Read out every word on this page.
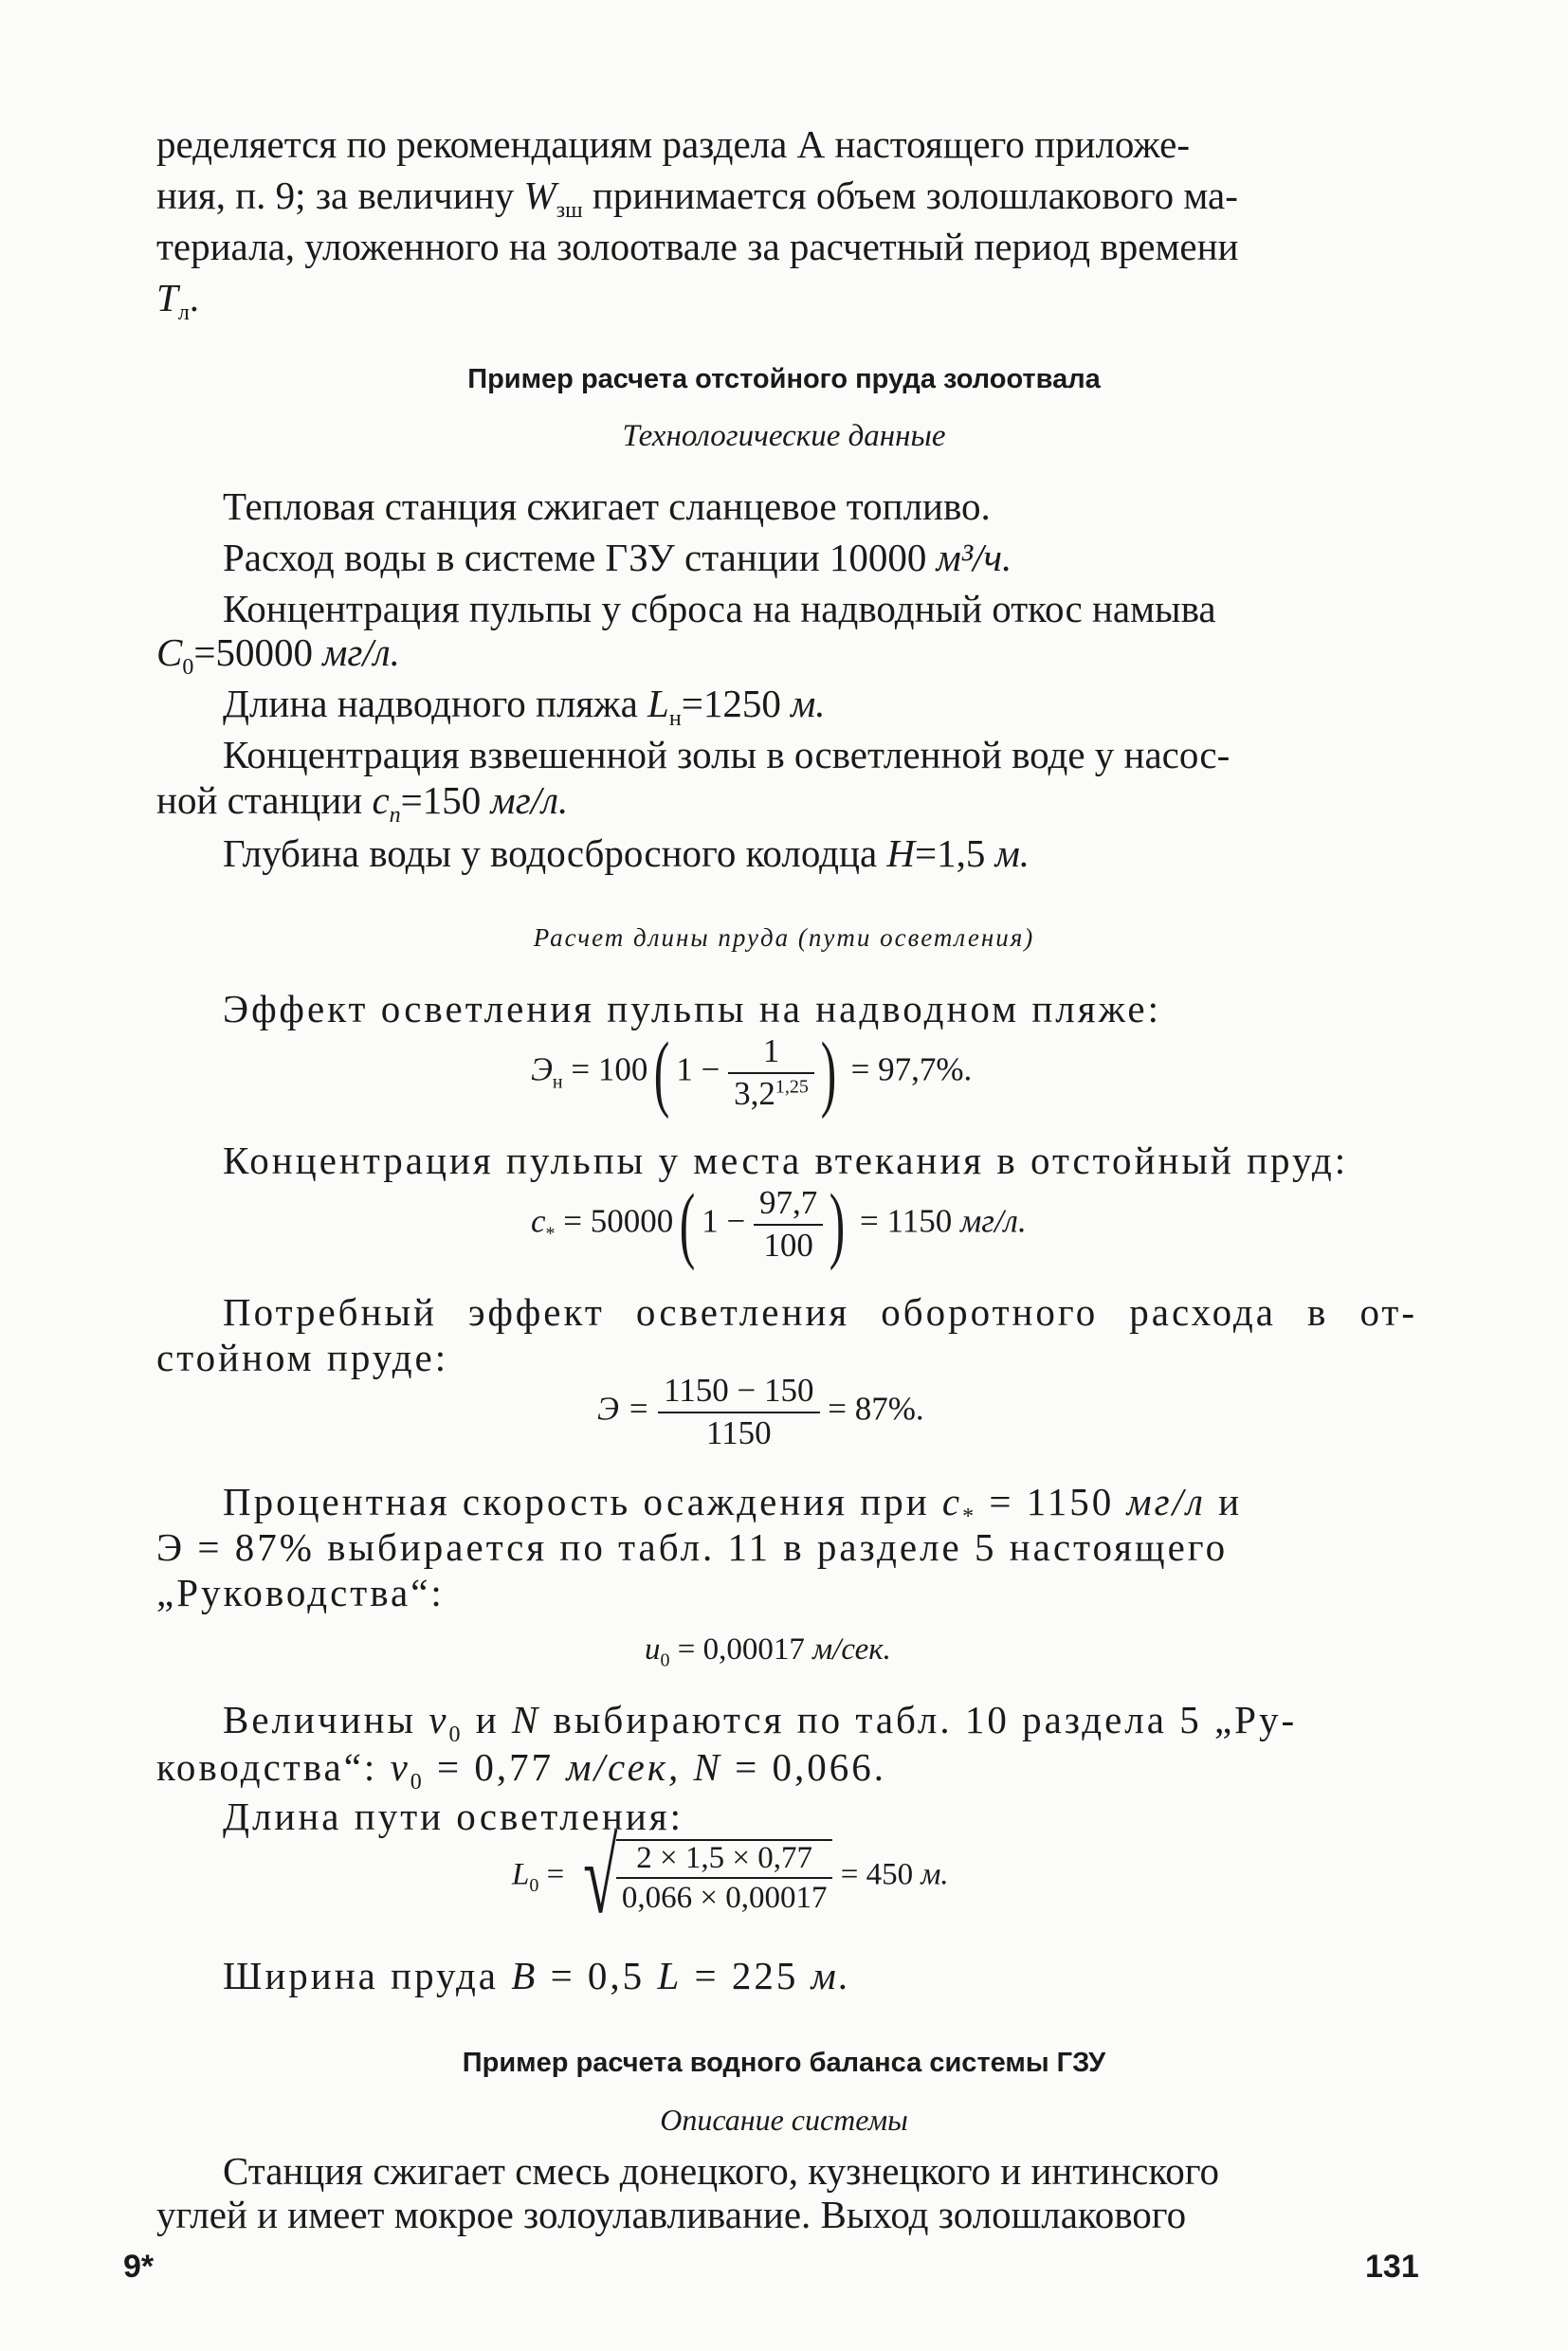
ределяется по рекомендациям раздела А настоящего приложе-
ния, п. 9; за величину $W_{зш}$ принимается объем золошлакового ма-
териала, уложенного на золоотвале за расчетный период времени
$T_л$.
Пример расчета отстойного пруда золоотвала
Технологические данные
Тепловая станция сжигает сланцевое топливо.
Расход воды в системе ГЗУ станции 10000 м³/ч.
Концентрация пульпы у сброса на надводный откос намыва
$C_0=50000$ мг/л.
Длина надводного пляжа $L_н=1250$ м.
Концентрация взвешенной золы в осветленной воде у насос-
ной станции $c_n=150$ мг/л.
Глубина воды у водосбросного колодца H=1,5 м.
Расчет длины пруда (пути осветления)
Эффект осветления пульпы на надводном пляже:
$Э_н = 100$( $1 - \frac{1}{3,2^{1,25}}$ ) = 97,7%.
Концентрация пульпы у места втекания в отстойный пруд:
$c_* = 50000$( $1 - \frac{97,7}{100}$ ) = 1150 мг/л.
Потребный эффект осветления оборотного расхода в от-
стойном пруде:
$Э = \frac{1150 - 150}{1150} = 87\%$.
Процентная скорость осаждения при $c_* = 1150$ мг/л и
Э = 87% выбирается по табл. 11 в разделе 5 настоящего
„Руководства“:
$u_0 = 0,00017$ м/сек.
Величины $v_0$ и N выбираются по табл. 10 раздела 5 „Ру-
ководства“: $v_0 = 0,77$ м/сек, N = 0,066.
Длина пути осветления:
$L_0$ = √
$\frac{2 \times 1,5 \times 0,77}{0,066 \times 0,00017} = 450$ м.
Ширина пруда B = 0,5 L = 225 м.
Пример расчета водного баланса системы ГЗУ
Описание системы
Станция сжигает смесь донецкого, кузнецкого и интинского
углей и имеет мокрое золоулавливание. Выход золошлакового
9*	131
